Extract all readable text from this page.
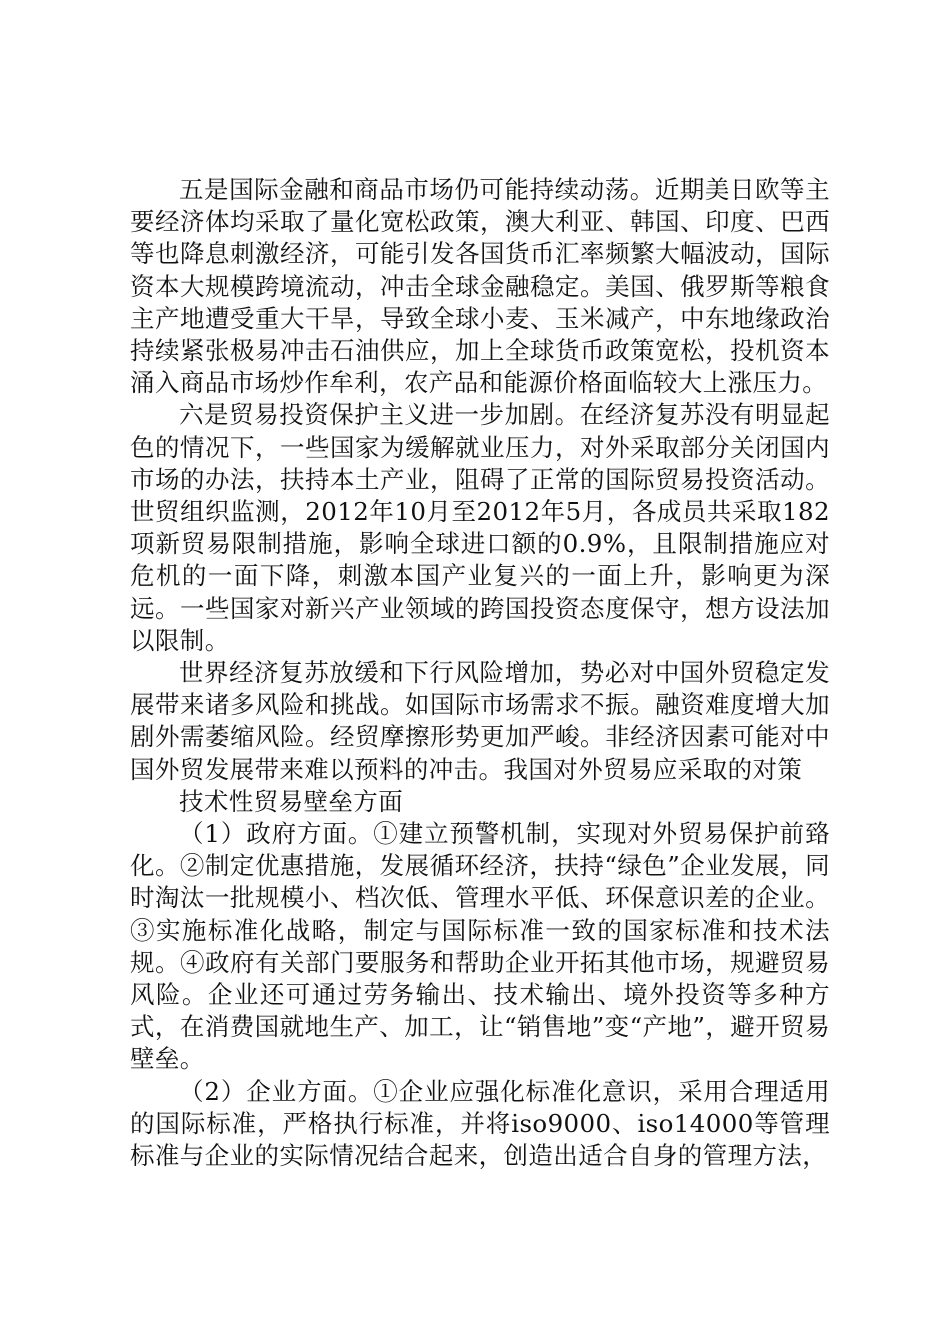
五是国际金融和商品市场仍可能持续动荡。近期美日欧等主要经济体均采取了量化宽松政策，澳大利亚、韩国、印度、巴西等也降息刺激经济，可能引发各国货币汇率频繁大幅波动，国际资本大规模跨境流动，冲击全球金融稳定。美国、俄罗斯等粮食主产地遭受重大干旱，导致全球小麦、玉米减产，中东地缘政治持续紧张极易冲击石油供应，加上全球货币政策宽松，投机资本涌入商品市场炒作牟利，农产品和能源价格面临较大上涨压力。

六是贸易投资保护主义进一步加剧。在经济复苏没有明显起色的情况下，一些国家为缓解就业压力，对外采取部分关闭国内市场的办法，扶持本土产业，阻碍了正常的国际贸易投资活动。世贸组织监测，2012年10月至2012年5月，各成员共采取182项新贸易限制措施，影响全球进口额的0.9%，且限制措施应对危机的一面下降，刺激本国产业复兴的一面上升，影响更为深远。一些国家对新兴产业领域的跨国投资态度保守，想方设法加以限制。

世界经济复苏放缓和下行风险增加，势必对中国外贸稳定发展带来诸多风险和挑战。如国际市场需求不振。融资难度增大加剧外需萎缩风险。经贸摩擦形势更加严峻。非经济因素可能对中国外贸发展带来难以预料的冲击。我国对外贸易应采取的对策

技术性贸易壁垒方面

（1）政府方面。①建立预警机制，实现对外贸易保护前臵化。②制定优惠措施，发展循环经济，扶持“绿色”企业发展，同时淘汰一批规模小、档次低、管理水平低、环保意识差的企业。③实施标准化战略，制定与国际标准一致的国家标准和技术法规。④政府有关部门要服务和帮助企业开拓其他市场，规避贸易风险。企业还可通过劳务输出、技术输出、境外投资等多种方式，在消费国就地生产、加工，让“销售地”变“产地”，避开贸易壁垒。

（2）企业方面。①企业应强化标准化意识，采用合理适用的国际标准，严格执行标准，并将iso9000、iso14000等管理标准与企业的实际情况结合起来，创造出适合自身的管理方法，
